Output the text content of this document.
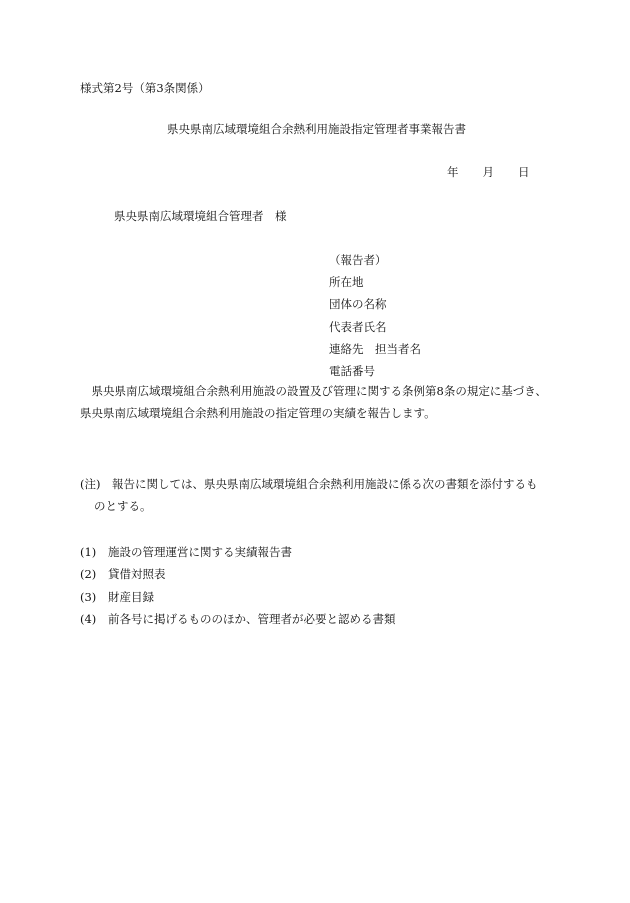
様式第2号（第3条関係）
県央県南広域環境組合余熱利用施設指定管理者事業報告書
年 月 日
県央県南広域環境組合管理者　様
（報告者）
所在地
団体の名称
代表者氏名
連絡先　担当者名
電話番号
　県央県南広域環境組合余熱利用施設の設置及び管理に関する条例第8条の規定に基づき、
県央県南広域環境組合余熱利用施設の指定管理の実績を報告します。
(注)　報告に関しては、県央県南広域環境組合余熱利用施設に係る次の書類を添付するも
のとする。
(1)	施設の管理運営に関する実績報告書
(2)	貸借対照表
(3)	財産目録
(4)	前各号に掲げるもののほか、管理者が必要と認める書類
